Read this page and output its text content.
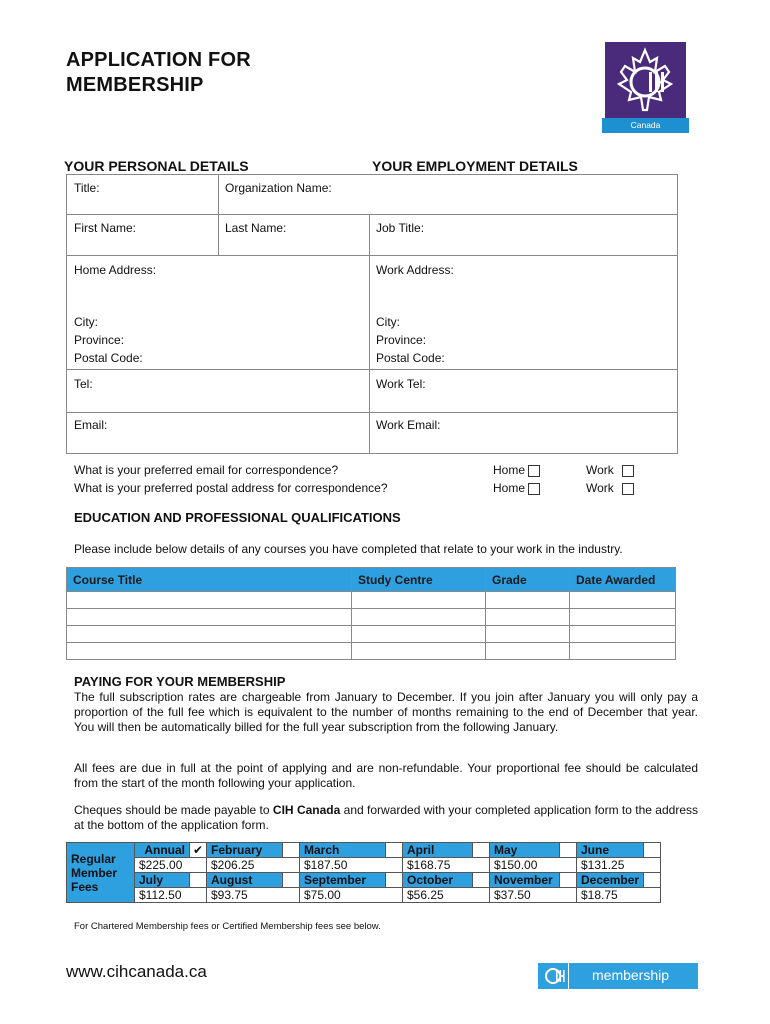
APPLICATION FOR
MEMBERSHIP
Canada
YOUR PERSONAL DETAILS	YOUR EMPLOYMENT DETAILS
Title:	Organization Name:
First Name:	Last Name:	Job Title:
Home Address:	Work Address:
City:
Province:
Postal Code:
City:
Province:
Postal Code:
Tel:	Work Tel:
Email:	Work Email:
What is your preferred email for correspondence?
What is your preferred postal address for correspondence?
Home	Work
Home	Work
EDUCATION AND PROFESSIONAL QUALIFICATIONS
Please include below details of any courses you have completed that relate to your work in the industry.
Course Title	Study Centre	Grade	Date Awarded

PAYING FOR YOUR MEMBERSHIP
The full subscription rates are chargeable from January to December. If you join after January you will only pay a proportion of the full fee which is equivalent to the number of months remaining to the end of December that year. You will then be automatically billed for the full year subscription from the following January.
All fees are due in full at the point of applying and are non-refundable. Your proportional fee should be calculated from the start of the month following your application.
Cheques should be made payable to CIH Canada and forwarded with your completed application form to the address at the bottom of the application form.
Regular
Member
Fees	Annual	✔	February		March		April		May		June	
	$225.00		$206.25		$187.50		$168.75		$150.00		$131.25	
	July		August		September		October		November		December	
	$112.50		$93.75		$75.00		$56.25		$37.50		$18.75	
For Chartered Membership fees or Certified Membership fees see below.
www.cihcanada.ca	membership
